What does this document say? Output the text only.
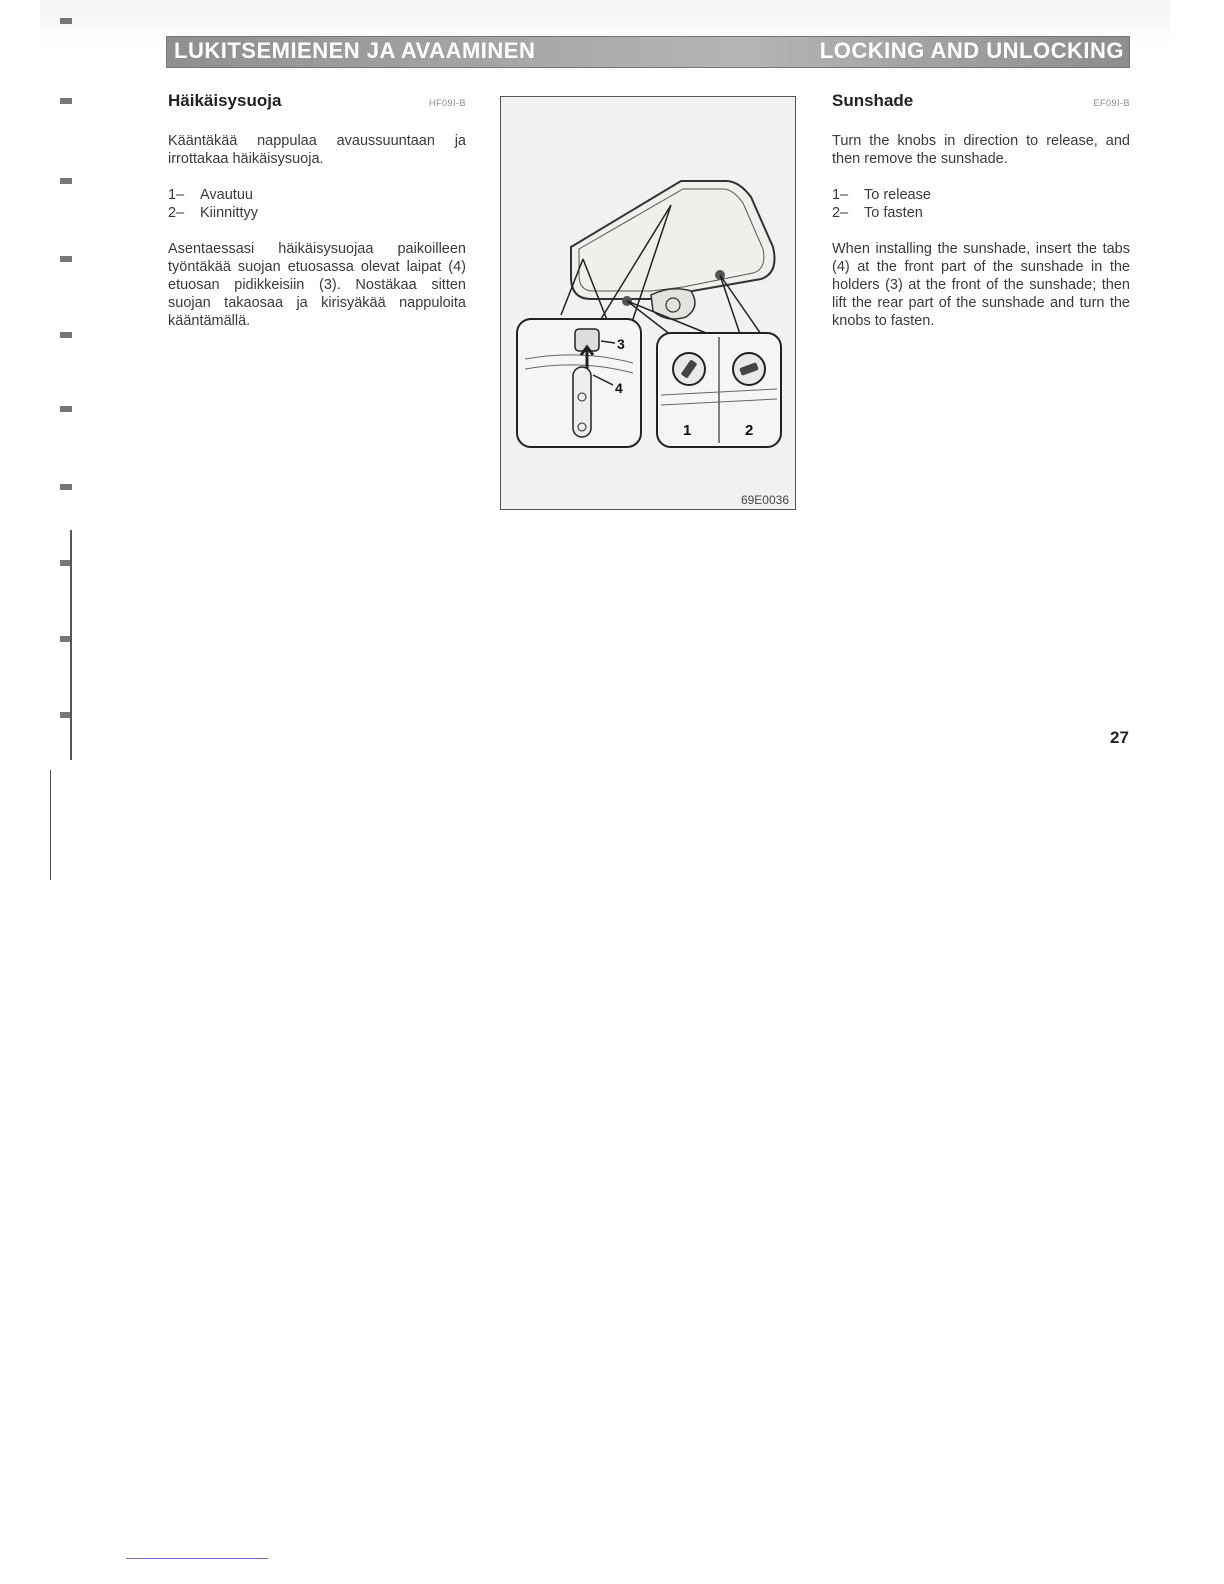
LUKITSEMIENEN JA AVAAMINEN	LOCKING AND UNLOCKING
Häikäisysuoja	HF09I-B

Kääntäkää nappulaa avaussuuntaan ja irrottakaa häikäisysuoja.

1–	Avautuu
2–	Kiinnittyy

Asentaessasi häikäisysuojaa paikoilleen työntäkää suojan etuosassa olevat laipat (4) etuosan pidikkeisiin (3). Nostäkaa sitten suojan takaosaa ja kirisyäkää nappuloita kääntämällä.

3
4
1	2
69E0036
Sunshade	EF09I-B

Turn the knobs in direction to release, and then remove the sunshade.

1–	To release
2–	To fasten

When installing the sunshade, insert the tabs (4) at the front part of the sunshade in the holders (3) at the front of the sunshade; then lift the rear part of the sunshade and turn the knobs to fasten.

27
